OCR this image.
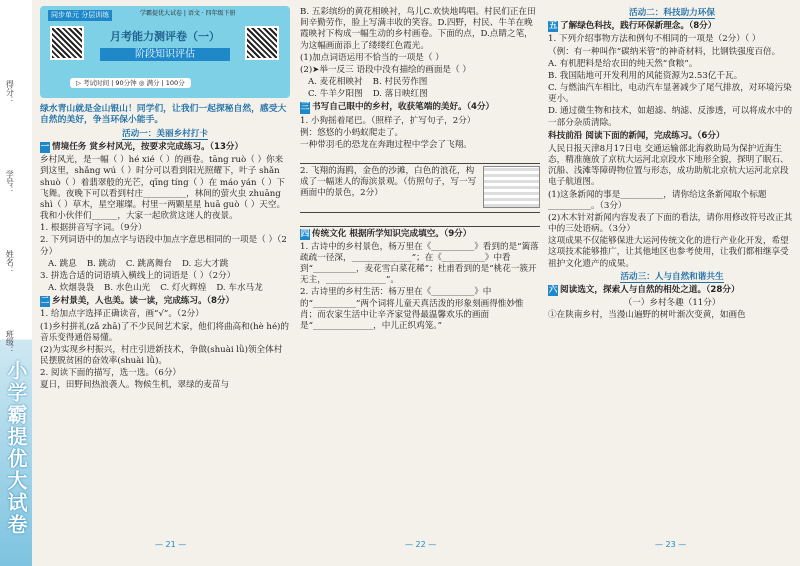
得分：
学号：
姓名：
班级：
小学霸提优大试卷
同步单元 分层训练	学霸提优大试卷 | 语文 · 四年级下册
月考能力测评卷（一）
阶段知识评估
▷ 考试时间 | 90分钟 ◎ 满分 | 100分
绿水青山就是金山银山！同学们，让我们一起探秘自然，感受大自然的美好，争当环保小能手。
活动一：美丽乡村打卡
一 情境任务 赏乡村风光，按要求完成练习。（13分）

乡村风光，是一幅（ ）hé xié（ ）的画卷。tāng ruò（ ）你来到这里，shǎng wú（ ）时分可以看到阳光照耀下，叶子 shǎn shuò（ ）着翡翠般的光芒，qīng tíng（ ）在 máo yán（ ）下飞舞。夜晚下可以看到村庄__________，林间的萤火虫 zhuāng shì（ ）草木，星空璀璨。村里一两颗星星 huā guò（ ）天空。我和小伙伴们______，大家一起欣赏这迷人的夜景。

1. 根据拼音写字词。（9分）

2. 下列词语中的加点字与语段中加点字意思相同的一项是（ ）（2分）

A. 跳息 B. 跳动 C. 跳离舞台 D. 忘大才跳

3. 拼选合适的词语填入横线上的词语是（ ）（2分）

A. 炊烟袅袅 B. 水色山光 C. 灯火辉煌 D. 车水马龙
二 乡村景美，人也美。读一读，完成练习。（8分）

1. 给加点字选择正确读音，画“√”。（2分）

(1)乡村拼礼(zǎ zhā)了不少民间艺术家，他们将曲高和(hè hé)的音乐变得通俗易懂。

(2)为实现乡村振兴，村庄引进新技术，争做(shuài lǜ)领全体村民摆脱贫困的奋效率(shuài lǜ)。

2. 阅读下面的描写，选一选。（6分）

夏日，田野间热浪袭人。物候生机，翠绿的麦苗与

— 21 —

B. 五彩缤纷的黄花相映衬，鸟儿C.欢快地鸣唱。村民们正在田间辛勤劳作，脸上写满丰收的笑容。D.四野，村民、牛羊在晚霞映衬下构成一幅生动的乡村画卷。下面的点，D.点睛之笔，为这幅画面添上了缕缕红色霞光。

(1)加点词语运用不恰当的一项是（ ）

(2)➤举一反三 语段中没有描绘的画面是（ ）

A. 麦花相映衬 B. 村民劳作图
C. 牛羊夕阳图 D. 落日映红图
三 书写自己眼中的乡村，收获笔端的美好。（4分）

1. 小狗摇着尾巴。（照样子，扩写句子，2分）

例：悠悠的小蚂蚁爬走了。

一种带羽毛的恐龙在奔跑过程中学会了飞翔。

2. 飞翔的海鸥，金色的沙滩，白色的浪花，构成了一幅迷人的海滨景观。（仿照句子，写一写画面中的景色，2分）

四 传统文化 根据所学知识完成填空。（9分）

1. 古诗中的乡村景色，杨万里在《__________》看到的是“篱落疏疏一径深，______________”；在《__________》中看到“__________，麦花雪白菜花稀”；杜甫看到的是“桃花一簇开无主，______________”。

2. 古诗里的乡村生活：杨万里在《__________》中的“__________”两个词将儿童天真活泼的形象刻画得惟妙惟肖；而农家生活中让辛齐家觉得最温馨欢乐的画面是“______________，中儿正织鸡笼。”

— 22 —
活动二：科技助力环保
五 了解绿色科技，践行环保新理念。（8分）

1. 下列介绍事物方法和例句不相同的一项是（2分）（ ）

（例：有一种叫作“碳纳米管”的神奇材料，比钢铁强度百倍。

A. 有机肥料是给农田的纯天然“食粮”。

B. 我国陆地可开发利用的风能资源为2.53亿千瓦。

C. 与燃油汽车相比，电动汽车显著减少了尾气排放，对环境污染更小。

D. 通过微生物和技术，如超滤、纳滤、反渗透，可以将成水中的一部分杂质清除。

科技前沿 阅读下面的新闻，完成练习。（6分）

人民日报天津8月17日电 交通运输部北海救助局为保护近海生态，精准施放了京杭大运河北京段水下地形全貌，探明了眠石、沉船、浅滩等障碍物位置与形态，成功助航北京杭大运河北京段电子航道图。

(1)这条新闻的事是__________，请你给这条新闻取个标题__________。（3分）

(2)木木针对新闻内容发表了下面的看法，请你用修改符号改正其中的三处语病。（3分）

这项成果不仅能够保进大运河传统文化的进行产业化开发，希望这项技术能够推广，让其他地区也参考使用，让我们都相继享受祖护文化遗产的成果。

活动三：人与自然和谐共生
六 阅读选文，探索人与自然的相处之道。（28分）

（一）乡村冬趣（11分）

①在陕南乡村，当漫山遍野的树叶渐次变黄，如画色

— 23 —
